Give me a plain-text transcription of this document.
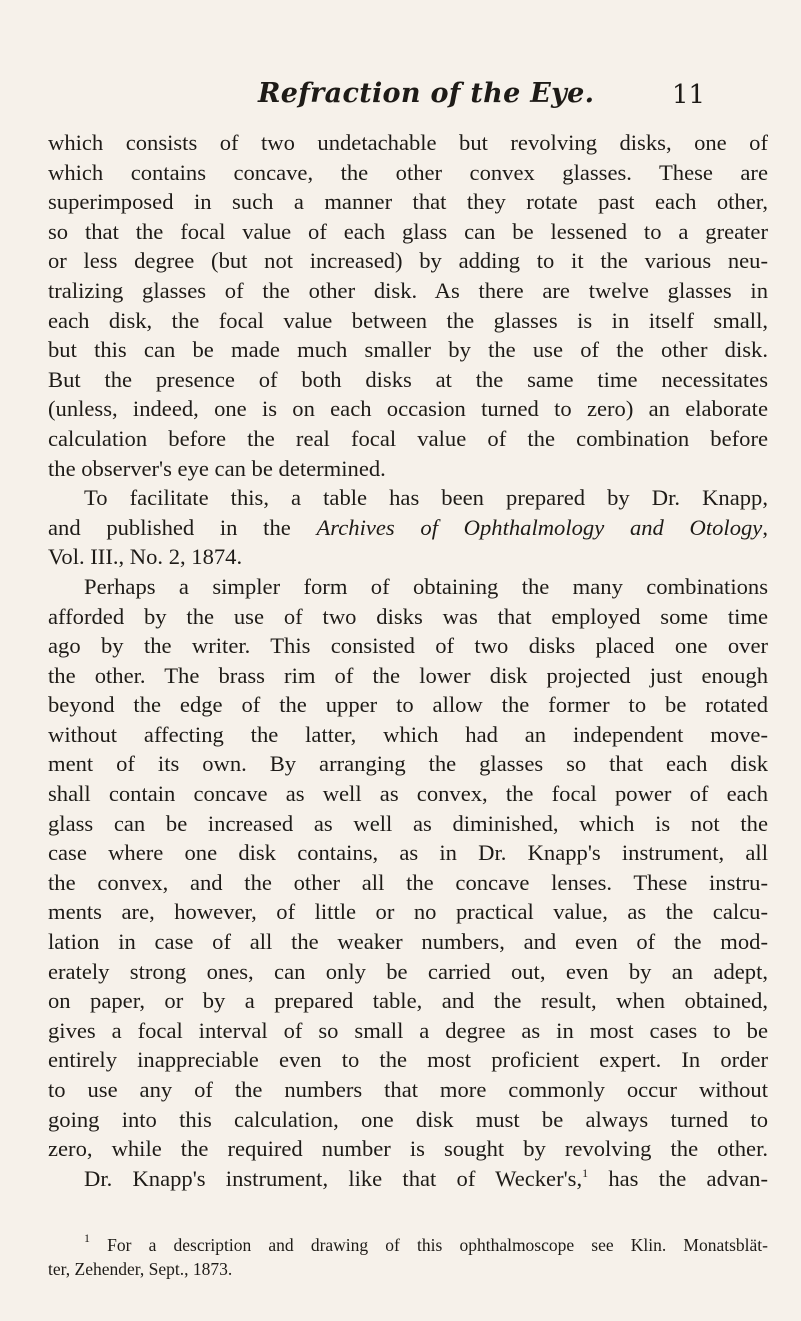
Refraction of the Eye.	11
which consists of two undetachable but revolving disks, one of
which contains concave, the other convex glasses. These are
superimposed in such a manner that they rotate past each other,
so that the focal value of each glass can be lessened to a greater
or less degree (but not increased) by adding to it the various neu-
tralizing glasses of the other disk. As there are twelve glasses in
each disk, the focal value between the glasses is in itself small,
but this can be made much smaller by the use of the other disk.
But the presence of both disks at the same time necessitates
(unless, indeed, one is on each occasion turned to zero) an elaborate
calculation before the real focal value of the combination before
the observer's eye can be determined.
To facilitate this, a table has been prepared by Dr. Knapp,
and published in the Archives of Ophthalmology and Otology,
Vol. III., No. 2, 1874.
Perhaps a simpler form of obtaining the many combinations
afforded by the use of two disks was that employed some time
ago by the writer. This consisted of two disks placed one over
the other. The brass rim of the lower disk projected just enough
beyond the edge of the upper to allow the former to be rotated
without affecting the latter, which had an independent move-
ment of its own. By arranging the glasses so that each disk
shall contain concave as well as convex, the focal power of each
glass can be increased as well as diminished, which is not the
case where one disk contains, as in Dr. Knapp's instrument, all
the convex, and the other all the concave lenses. These instru-
ments are, however, of little or no practical value, as the calcu-
lation in case of all the weaker numbers, and even of the mod-
erately strong ones, can only be carried out, even by an adept,
on paper, or by a prepared table, and the result, when obtained,
gives a focal interval of so small a degree as in most cases to be
entirely inappreciable even to the most proficient expert. In order
to use any of the numbers that more commonly occur without
going into this calculation, one disk must be always turned to
zero, while the required number is sought by revolving the other.
Dr. Knapp's instrument, like that of Wecker's,$^1$ has the advan-
$^1$ For a description and drawing of this ophthalmoscope see Klin. Monatsblät-
ter, Zehender, Sept., 1873.
